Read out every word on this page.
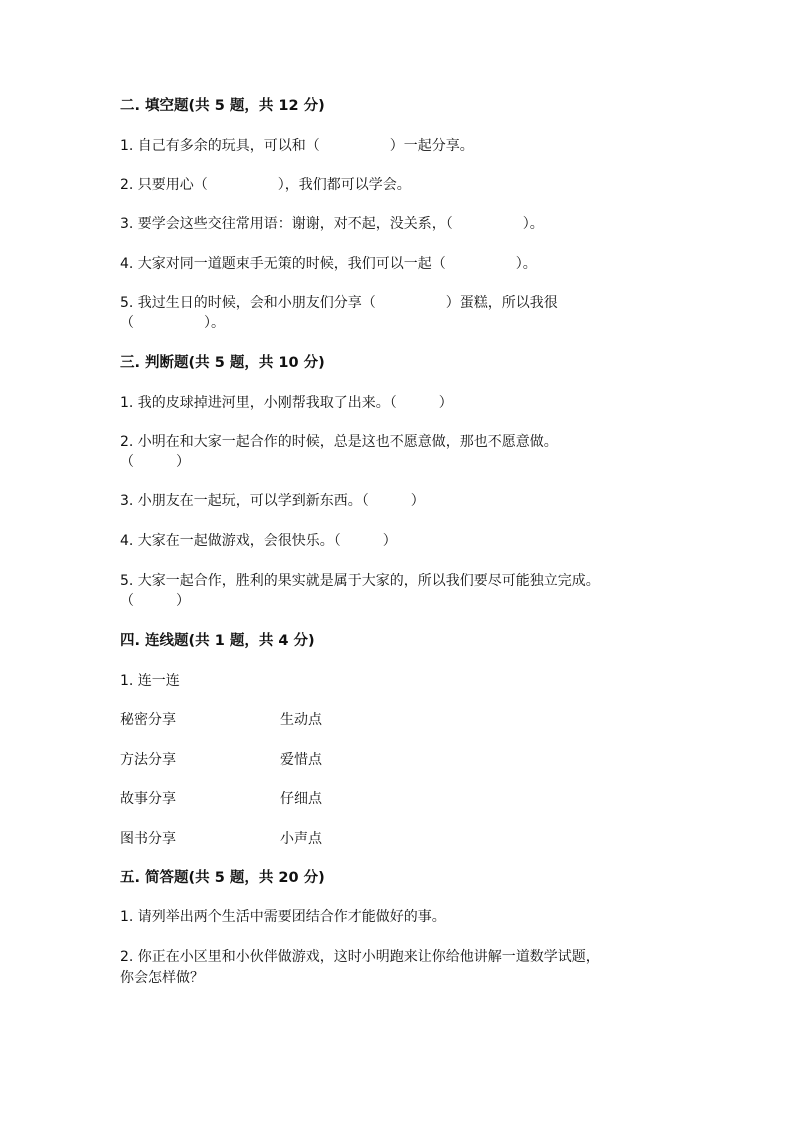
二. 填空题(共 5 题，共 12 分)
1. 自己有多余的玩具，可以和（　　　　　）一起分享。
2. 只要用心（　　　　　），我们都可以学会。
3. 要学会这些交往常用语：谢谢，对不起，没关系，（　　　　　）。
4. 大家对同一道题束手无策的时候，我们可以一起（　　　　　）。
5. 我过生日的时候，会和小朋友们分享（　　　　　）蛋糕，所以我很
（　　　　　）。
三. 判断题(共 5 题，共 10 分)
1. 我的皮球掉进河里，小刚帮我取了出来。（　　　）
2. 小明在和大家一起合作的时候，总是这也不愿意做，那也不愿意做。
（　　　）
3. 小朋友在一起玩，可以学到新东西。（　　　）
4. 大家在一起做游戏，会很快乐。（　　　）
5. 大家一起合作，胜利的果实就是属于大家的，所以我们要尽可能独立完成。
（　　　）
四. 连线题(共 1 题，共 4 分)
1. 连一连
秘密分享	生动点
方法分享	爱惜点
故事分享	仔细点
图书分享	小声点
五. 简答题(共 5 题，共 20 分)
1. 请列举出两个生活中需要团结合作才能做好的事。
2. 你正在小区里和小伙伴做游戏，这时小明跑来让你给他讲解一道数学试题，
你会怎样做？
